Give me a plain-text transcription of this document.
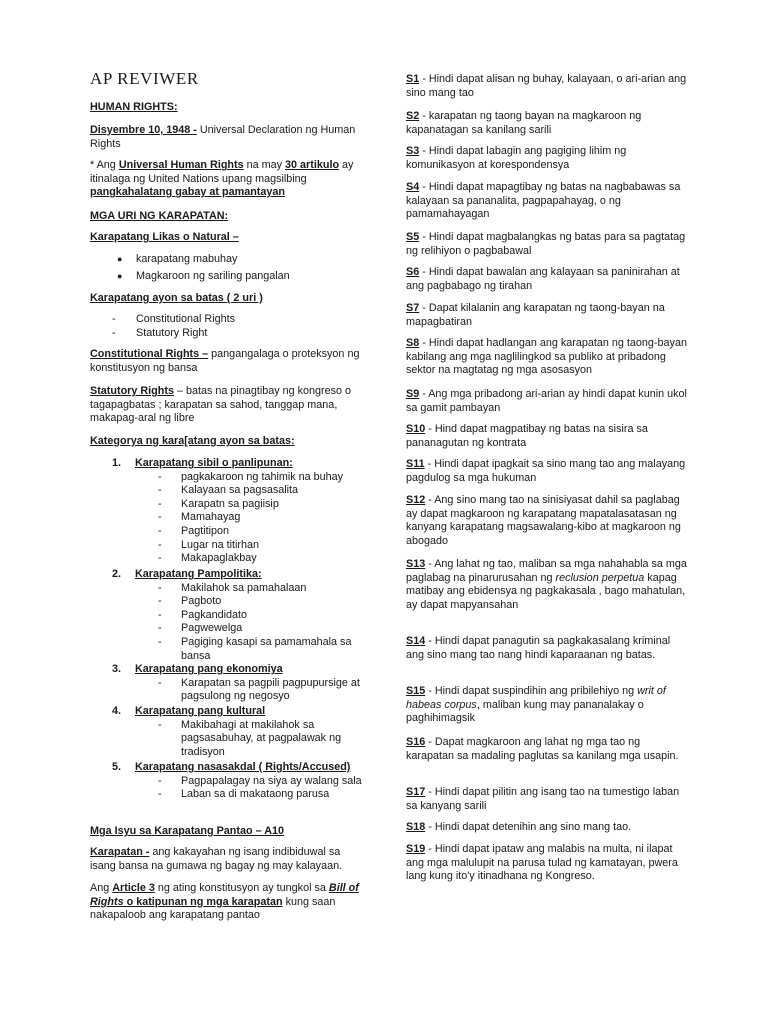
AP REVIWER
HUMAN RIGHTS:
Disyembre 10, 1948 - Universal Declaration ng Human Rights
* Ang Universal Human Rights na may 30 artikulo ay itinalaga ng United Nations upang magsilbing pangkahalatang gabay at pamantayan
MGA URI NG KARAPATAN:
Karapatang Likas o Natural –
● karapatang mabuhay
● Magkaroon ng sariling pangalan
Karapatang ayon sa batas ( 2 uri )
- Constitutional Rights
- Statutory Right
Constitutional Rights – pangangalaga o proteksyon ng konstitusyon ng bansa
Statutory Rights – batas na pinagtibay ng kongreso o tagapagbatas ; karapatan sa sahod, tanggap mana, makapag-aral ng libre
Kategorya ng kara[atang ayon sa batas:
1. Karapatang sibil o panlipunan:
- pagkakaroon ng tahimik na buhay
- Kalayaan sa pagsasalita
- Karapatn sa pagiisip
- Mamahayag
- Pagtitipon
- Lugar na titirhan
- Makapaglakbay
2. Karapatang Pampolitika:
- Makilahok sa pamahalaan
- Pagboto
- Pagkandidato
- Pagwewelga
- Pagiging kasapi sa pamamahala sa bansa
3. Karapatang pang ekonomiya
- Karapatan sa pagpili pagpupursige at pagsulong ng negosyo
4. Karapatang pang kultural
- Makibahagi at makilahok sa pagsasabuhay, at pagpalawak ng tradisyon
5. Karapatang nasasakdal ( Rights/Accused)
- Pagpapalagay na siya ay walang sala
- Laban sa di makataong parusa
Mga Isyu sa Karapatang Pantao – A10
Karapatan - ang kakayahan ng isang indibiduwal sa isang bansa na gumawa ng bagay ng may kalayaan.
Ang Article 3 ng ating konstitusyon ay tungkol sa Bill of Rights o katipunan ng mga karapatan kung saan nakapaloob ang karapatang pantao
S1 - Hindi dapat alisan ng buhay, kalayaan, o ari-arian ang sino mang tao
S2 - karapatan ng taong bayan na magkaroon ng kapanatagan sa kanilang sarili
S3 - Hindi dapat labagin ang pagiging lihim ng komunikasyon at korespondensya
S4 - Hindi dapat mapagtibay ng batas na nagbabawas sa kalayaan sa pananalita, pagpapahayag, o ng pamamahayagan
S5 - Hindi dapat magbalangkas ng batas para sa pagtatag ng relihiyon o pagbabawal
S6 - Hindi dapat bawalan ang kalayaan sa paninirahan at ang pagbabago ng tirahan
S7 - Dapat kilalanin ang karapatan ng taong-bayan na mapagbatiran
S8 - Hindi dapat hadlangan ang karapatan ng taong-bayan kabilang ang mga naglilingkod sa publiko at pribadong sektor na magtatag ng mga asosasyon
S9 - Ang mga pribadong ari-arian ay hindi dapat kunin ukol sa gamit pambayan
S10 - Hind dapat magpatibay ng batas na sisira sa pananagutan ng kontrata
S11 - Hindi dapat ipagkait sa sino mang tao ang malayang pagdulog sa mga hukuman
S12 - Ang sino mang tao na sinisiyasat dahil sa paglabag ay dapat magkaroon ng karapatang mapatalasatasan ng kanyang karapatang magsawalang-kibo at magkaroon ng abogado
S13 - Ang lahat ng tao, maliban sa mga nahahabla sa mga paglabag na pinarurusahan ng reclusion perpetua kapag matibay ang ebidensya ng pagkakasala , bago mahatulan, ay dapat mapyansahan
S14 - Hindi dapat panagutin sa pagkakasalang kriminal ang sino mang tao nang hindi kaparaanan ng batas.
S15 - Hindi dapat suspindihin ang pribilehiyo ng writ of habeas corpus, maliban kung may pananalakay o paghihimagsik
S16 - Dapat magkaroon ang lahat ng mga tao ng karapatan sa madaling paglutas sa kanilang mga usapin.
S17 - Hindi dapat pilitin ang isang tao na tumestigo laban sa kanyang sarili
S18 - Hindi dapat detenihin ang sino mang tao.
S19 - Hindi dapat ipataw ang malabis na multa, ni ilapat ang mga malulupit na parusa tulad ng kamatayan, pwera lang kung ito'y itinadhana ng Kongreso.
